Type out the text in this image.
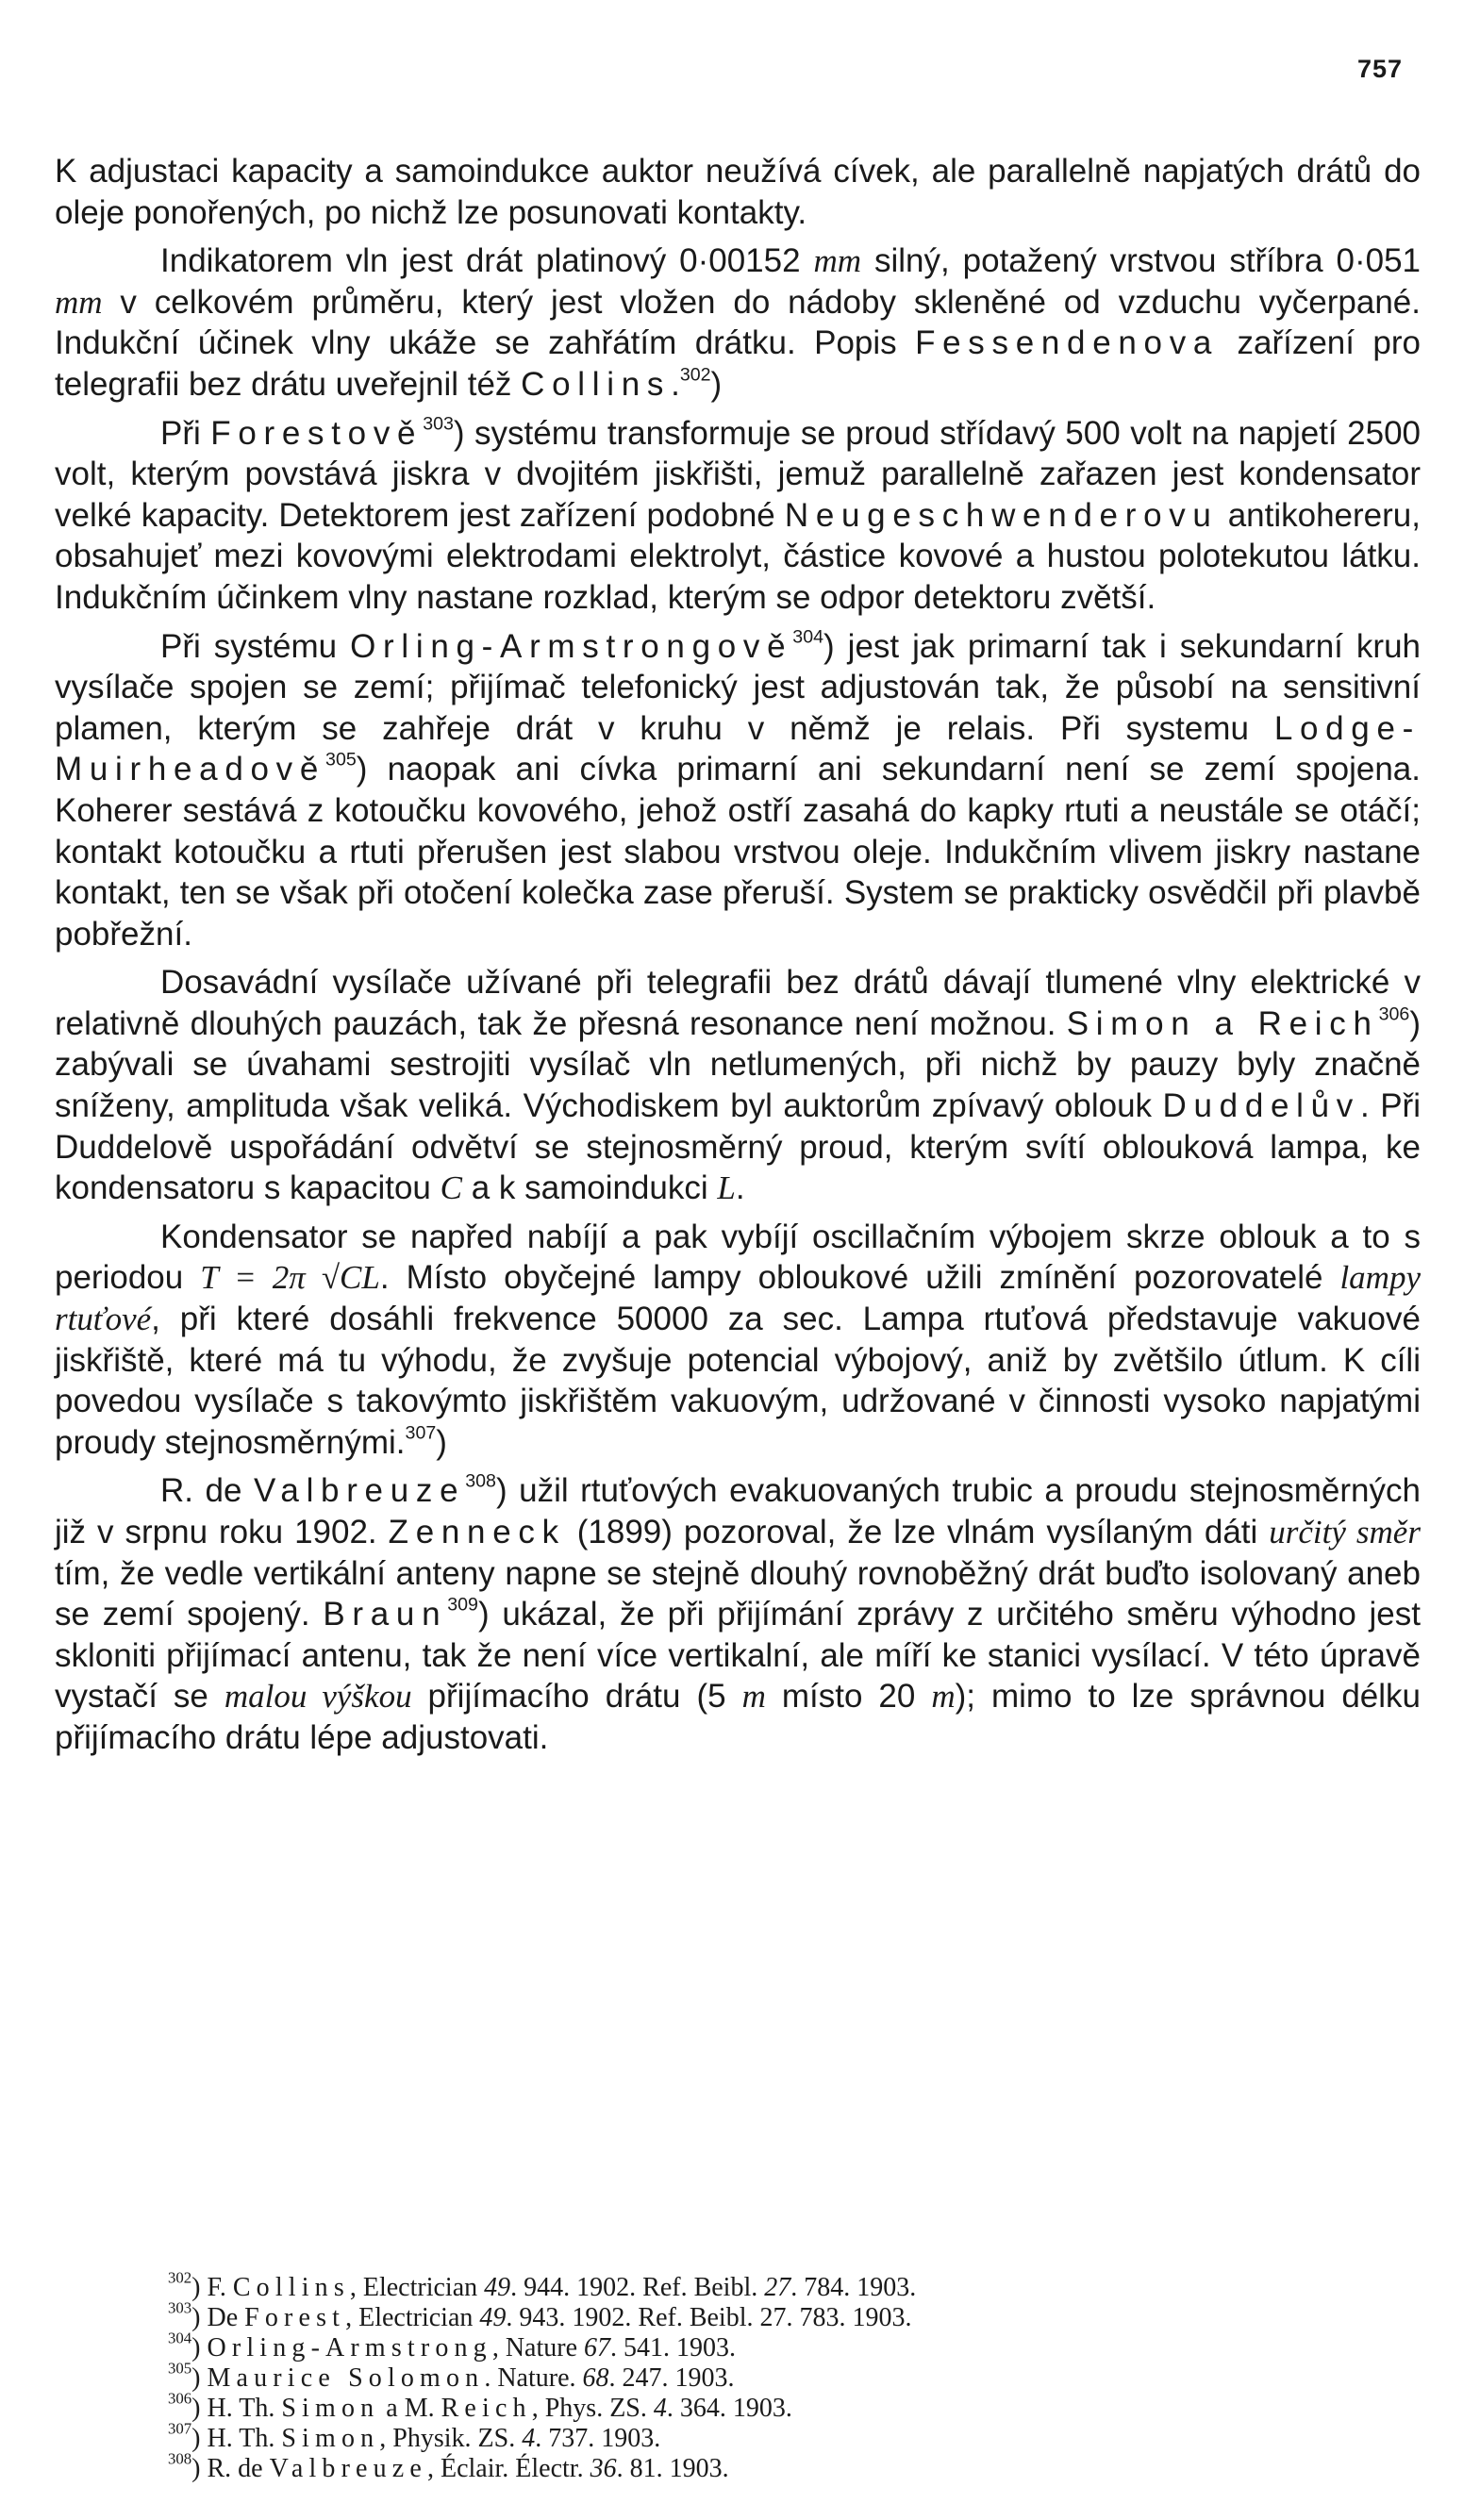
757

K adjustaci kapacity a samoindukce auktor neužívá cívek, ale parallelně napjatých drátů do oleje ponořených, po nichž lze posunovati kontakty.

Indikatorem vln jest drát platinový 0·00152 mm silný, potažený vrstvou stříbra 0·051 mm v celkovém průměru, který jest vložen do nádoby skleněné od vzduchu vyčerpané. Indukční účinek vlny ukáže se zahřátím drátku. Popis Fessendenova zařízení pro telegrafii bez drátu uveřejnil též Collins.$^{302}$)

Při Forestově$^{303}$) systému transformuje se proud střídavý 500 volt na napjetí 2500 volt, kterým povstává jiskra v dvojitém jiskřišti, jemuž parallelně zařazen jest kondensator velké kapacity. Detektorem jest zařízení podobné Neugeschwenderovu antikohereru, obsahujeť mezi kovovými elektrodami elektrolyt, částice kovové a hustou polotekutou látku. Indukčním účinkem vlny nastane rozklad, kterým se odpor detektoru zvětší.

Při systému Orling-Armstrongově$^{304}$) jest jak primarní tak i sekundarní kruh vysílače spojen se zemí; přijímač telefonický jest adjustován tak, že působí na sensitivní plamen, kterým se zahřeje drát v kruhu v němž je relais. Při systemu Lodge-Muirheadově$^{305}$) naopak ani cívka primarní ani sekundarní není se zemí spojena. Koherer sestává z kotoučku kovového, jehož ostří zasahá do kapky rtuti a neustále se otáčí; kontakt kotoučku a rtuti přerušen jest slabou vrstvou oleje. Indukčním vlivem jiskry nastane kontakt, ten se však při otočení kolečka zase přeruší. System se prakticky osvědčil při plavbě pobřežní.

Dosavádní vysílače užívané při telegrafii bez drátů dávají tlumené vlny elektrické v relativně dlouhých pauzách, tak že přesná resonance není možnou. Simon a Reich$^{306}$) zabývali se úvahami sestrojiti vysílač vln netlumených, při nichž by pauzy byly značně sníženy, amplituda však veliká. Východiskem byl auktorům zpívavý oblouk Duddelův. Při Duddelově uspořádání odvětví se stejnosměrný proud, kterým svítí oblouková lampa, ke kondensatoru s kapacitou C a k samoindukci L.

Kondensator se napřed nabíjí a pak vybíjí oscillačním výbojem skrze oblouk a to s periodou T = 2π √CL. Místo obyčejné lampy obloukové užili zmínění pozorovatelé lampy rtuťové, při které dosáhli frekvence 50000 za sec. Lampa rtuťová představuje vakuové jiskřiště, které má tu výhodu, že zvyšuje potencial výbojový, aniž by zvětšilo útlum. K cíli povedou vysílače s takovýmto jiskřištěm vakuovým, udržované v činnosti vysoko napjatými proudy stejnosměrnými.$^{307}$)

R. de Valbreuze$^{308}$) užil rtuťových evakuovaných trubic a proudu stejnosměrných již v srpnu roku 1902. Zenneck (1899) pozoroval, že lze vlnám vysílaným dáti určitý směr tím, že vedle vertikální anteny napne se stejně dlouhý rovnoběžný drát buďto isolovaný aneb se zemí spojený. Braun$^{309}$) ukázal, že při přijímání zprávy z určitého směru výhodno jest skloniti přijímací antenu, tak že není více vertikalní, ale míří ke stanici vysílací. V této úpravě vystačí se malou výškou přijímacího drátu (5 m místo 20 m); mimo to lze správnou délku přijímacího drátu lépe adjustovati.

$^{302}$) F. Collins, Electrician 49. 944. 1902. Ref. Beibl. 27. 784. 1903.
$^{303}$) De Forest, Electrician 49. 943. 1902. Ref. Beibl. 27. 783. 1903.
$^{304}$) Orling-Armstrong, Nature 67. 541. 1903.
$^{305}$) Maurice Solomon. Nature. 68. 247. 1903.
$^{306}$) H. Th. Simon a M. Reich, Phys. ZS. 4. 364. 1903.
$^{307}$) H. Th. Simon, Physik. ZS. 4. 737. 1903.
$^{308}$) R. de Valbreuze, Éclair. Électr. 36. 81. 1903.
